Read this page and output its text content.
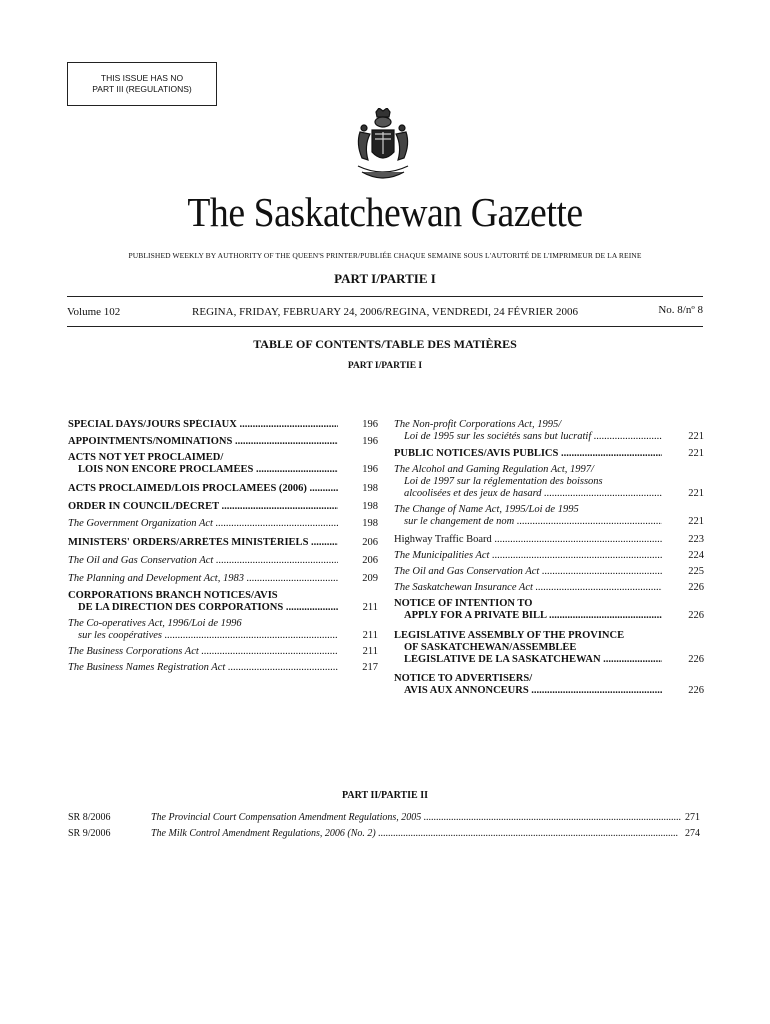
THIS ISSUE HAS NO
PART III (REGULATIONS)
The Saskatchewan Gazette
PUBLISHED WEEKLY BY AUTHORITY OF THE QUEEN'S PRINTER/PUBLIÉE CHAQUE SEMAINE SOUS L'AUTORITÉ DE L'IMPRIMEUR DE LA REINE
PART I/PARTIE I
Volume 102	REGINA, FRIDAY, FEBRUARY 24, 2006/REGINA, VENDREDI, 24 FÉVRIER 2006	No. 8/nº 8
TABLE OF CONTENTS/TABLE DES MATIÈRES
PART I/PARTIE I
SPECIAL DAYS/JOURS SPÉCIAUX .....	196
APPOINTMENTS/NOMINATIONS .....	196
ACTS NOT YET PROCLAIMED/
LOIS NON ENCORE PROCLAMÉES .....	196
ACTS PROCLAIMED/LOIS PROCLAMÉES (2006) .....	198
ORDER IN COUNCIL/DÉCRET .....	198
The Government Organization Act .....	198
MINISTERS' ORDERS/ARRÊTÉS MINISTÉRIELS .....	206
The Oil and Gas Conservation Act .....	206
The Planning and Development Act, 1983 .....	209
CORPORATIONS BRANCH NOTICES/AVIS
DE LA DIRECTION DES CORPORATIONS .....	211
The Co-operatives Act, 1996/Loi de 1996
sur les coopératives .....	211
The Business Corporations Act .....	211
The Business Names Registration Act .....	217
The Non-profit Corporations Act, 1995/
Loi de 1995 sur les sociétés sans but lucratif .....	221
PUBLIC NOTICES/AVIS PUBLICS .....	221
The Alcohol and Gaming Regulation Act, 1997/
Loi de 1997 sur la réglementation des boissons
alcoolisées et des jeux de hasard .....	221
The Change of Name Act, 1995/Loi de 1995
sur le changement de nom .....	221
Highway Traffic Board .....	223
The Municipalities Act .....	224
The Oil and Gas Conservation Act .....	225
The Saskatchewan Insurance Act .....	226
NOTICE OF INTENTION TO
APPLY FOR A PRIVATE BILL .....	226
LEGISLATIVE ASSEMBLY OF THE PROVINCE
OF SASKATCHEWAN/ASSEMBLÉE
LÉGISLATIVE DE LA SASKATCHEWAN .....	226
NOTICE TO ADVERTISERS/
AVIS AUX ANNONCEURS .....	226
PART II/PARTIE II
SR 8/2006	The Provincial Court Compensation Amendment Regulations, 2005 .....	271
SR 9/2006	The Milk Control Amendment Regulations, 2006 (No. 2) .....	274
